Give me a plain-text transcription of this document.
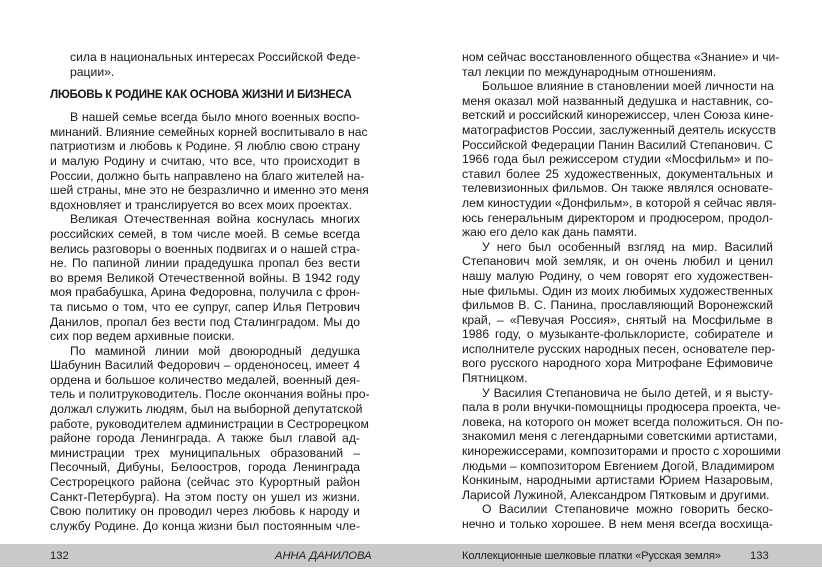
сила в национальных интересах Российской Феде-

рации».

ЛЮБОВЬ К РОДИНЕ КАК ОСНОВА ЖИЗНИ И БИЗНЕСА

В нашей семье всегда было много военных воспо-

минаний. Влияние семейных корней воспитывало в нас

патриотизм и любовь к Родине. Я люблю свою страну

и малую Родину и считаю, что все, что происходит в

России, должно быть направлено на благо жителей на-

шей страны, мне это не безразлично и именно это меня

вдохновляет и транслируется во всех моих проектах.

Великая Отечественная война коснулась многих

российских семей, в том числе моей. В семье всегда

велись разговоры о военных подвигах и о нашей стра-

не. По папиной линии прадедушка пропал без вести

во время Великой Отечественной войны. В 1942 году

моя прабабушка, Арина Федоровна, получила с фрон-

та письмо о том, что ее супруг, сапер Илья Петрович

Данилов, пропал без вести под Сталинградом. Мы до

сих пор ведем архивные поиски.

По маминой линии мой двоюродный дедушка

Шабунин Василий Федорович – орденоносец, имеет 4

ордена и большое количество медалей, военный дея-

тель и политруководитель. После окончания войны про-

должал служить людям, был на выборной депутатской

работе, руководителем администрации в Сестрорецком

районе города Ленинграда. А также был главой ад-

министрации трех муниципальных образований –

Песочный, Дибуны, Белоостров, города Ленинграда

Сестрорецкого района (сейчас это Курортный район

Санкт-Петербурга). На этом посту он ушел из жизни.

Свою политику он проводил через любовь к народу и

службу Родине. До конца жизни был постоянным чле-

ном сейчас восстановленного общества «Знание» и чи-

тал лекции по международным отношениям.

Большое влияние в становлении моей личности на

меня оказал мой названный дедушка и наставник, со-

ветский и российский кинорежиссер, член Союза кине-

матографистов России, заслуженный деятель искусств

Российской Федерации Панин Василий Степанович. С

1966 года был режиссером студии «Мосфильм» и по-

ставил более 25 художественных, документальных и

телевизионных фильмов. Он также являлся основате-

лем киностудии «Донфильм», в которой я сейчас явля-

юсь генеральным директором и продюсером, продол-

жаю его дело как дань памяти.

У него был особенный взгляд на мир. Василий

Степанович мой земляк, и он очень любил и ценил

нашу малую Родину, о чем говорят его художествен-

ные фильмы. Один из моих любимых художественных

фильмов В. С. Панина, прославляющий Воронежский

край, – «Певучая Россия», снятый на Мосфильме в

1986 году, о музыканте-фольклористе, собирателе и

исполнителе русских народных песен, основателе пер-

вого русского народного хора Митрофане Ефимовиче

Пятницком.

У Василия Степановича не было детей, и я высту-

пала в роли внучки-помощницы продюсера проекта, че-

ловека, на которого он может всегда положиться. Он по-

знакомил меня с легендарными советскими артистами,

кинорежиссерами, композиторами и просто с хорошими

людьми – композитором Евгением Догой, Владимиром

Конкиным, народными артистами Юрием Назаровым,

Ларисой Лужиной, Александром Пятковым и другими.

О Василии Степановиче можно говорить беско-

нечно и только хорошее. В нем меня всегда восхища-

132	АННА ДАНИЛОВА	Коллекционные шелковые платки «Русская земля»	133
